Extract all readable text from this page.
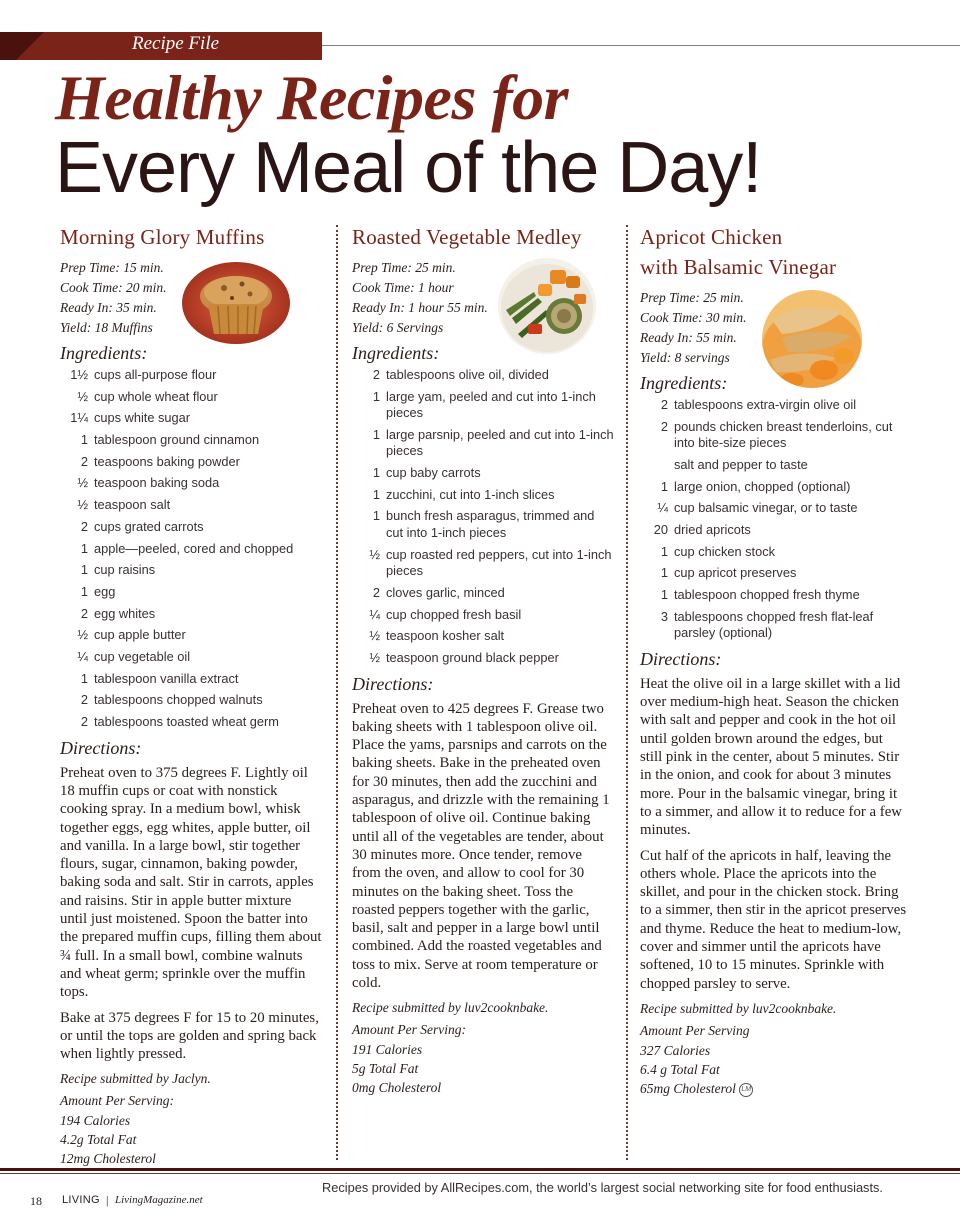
Recipe File
Healthy Recipes for
Every Meal of the Day!
Morning Glory Muffins
Prep Time: 15 min.
Cook Time: 20 min.
Ready In: 35 min.
Yield: 18 Muffins
Ingredients:
1½ cups all-purpose flour
½ cup whole wheat flour
1¼ cups white sugar
1 tablespoon ground cinnamon
2 teaspoons baking powder
½ teaspoon baking soda
½ teaspoon salt
2 cups grated carrots
1 apple—peeled, cored and chopped
1 cup raisins
1 egg
2 egg whites
½ cup apple butter
¼ cup vegetable oil
1 tablespoon vanilla extract
2 tablespoons chopped walnuts
2 tablespoons toasted wheat germ
Directions:
Preheat oven to 375 degrees F. Lightly oil 18 muffin cups or coat with nonstick cooking spray. In a medium bowl, whisk together eggs, egg whites, apple butter, oil and vanilla. In a large bowl, stir together flours, sugar, cinnamon, baking powder, baking soda and salt. Stir in carrots, apples and raisins. Stir in apple butter mixture until just moistened. Spoon the batter into the prepared muffin cups, filling them about ¾ full. In a small bowl, combine walnuts and wheat germ; sprinkle over the muffin tops.
Bake at 375 degrees F for 15 to 20 minutes, or until the tops are golden and spring back when lightly pressed.
Recipe submitted by Jaclyn.
Amount Per Serving:
194 Calories
4.2g Total Fat
12mg Cholesterol
Roasted Vegetable Medley
Prep Time: 25 min.
Cook Time: 1 hour
Ready In: 1 hour 55 min.
Yield: 6 Servings
Ingredients:
2 tablespoons olive oil, divided
1 large yam, peeled and cut into 1-inch pieces
1 large parsnip, peeled and cut into 1-inch pieces
1 cup baby carrots
1 zucchini, cut into 1-inch slices
1 bunch fresh asparagus, trimmed and cut into 1-inch pieces
½ cup roasted red peppers, cut into 1-inch pieces
2 cloves garlic, minced
¼ cup chopped fresh basil
½ teaspoon kosher salt
½ teaspoon ground black pepper
Directions:
Preheat oven to 425 degrees F. Grease two baking sheets with 1 tablespoon olive oil. Place the yams, parsnips and carrots on the baking sheets. Bake in the preheated oven for 30 minutes, then add the zucchini and asparagus, and drizzle with the remaining 1 tablespoon of olive oil. Continue baking until all of the vegetables are tender, about 30 minutes more. Once tender, remove from the oven, and allow to cool for 30 minutes on the baking sheet. Toss the roasted peppers together with the garlic, basil, salt and pepper in a large bowl until combined. Add the roasted vegetables and toss to mix. Serve at room temperature or cold.
Recipe submitted by luv2cooknbake.
Amount Per Serving:
191 Calories
5g Total Fat
0mg Cholesterol
Apricot Chicken
with Balsamic Vinegar
Prep Time: 25 min.
Cook Time: 30 min.
Ready In: 55 min.
Yield: 8 servings
Ingredients:
2 tablespoons extra-virgin olive oil
2 pounds chicken breast tenderloins, cut into bite-size pieces
salt and pepper to taste
1 large onion, chopped (optional)
¼ cup balsamic vinegar, or to taste
20 dried apricots
1 cup chicken stock
1 cup apricot preserves
1 tablespoon chopped fresh thyme
3 tablespoons chopped fresh flat-leaf parsley (optional)
Directions:
Heat the olive oil in a large skillet with a lid over medium-high heat. Season the chicken with salt and pepper and cook in the hot oil until golden brown around the edges, but still pink in the center, about 5 minutes. Stir in the onion, and cook for about 3 minutes more. Pour in the balsamic vinegar, bring it to a simmer, and allow it to reduce for a few minutes.
Cut half of the apricots in half, leaving the others whole. Place the apricots into the skillet, and pour in the chicken stock. Bring to a simmer, then stir in the apricot preserves and thyme. Reduce the heat to medium-low, cover and simmer until the apricots have softened, 10 to 15 minutes. Sprinkle with chopped parsley to serve.
Recipe submitted by luv2cooknbake.
Amount Per Serving
327 Calories
6.4 g Total Fat
65mg Cholesterol LM
Recipes provided by AllRecipes.com, the world’s largest social networking site for food enthusiasts.
18 LIVING | LivingMagazine.net
